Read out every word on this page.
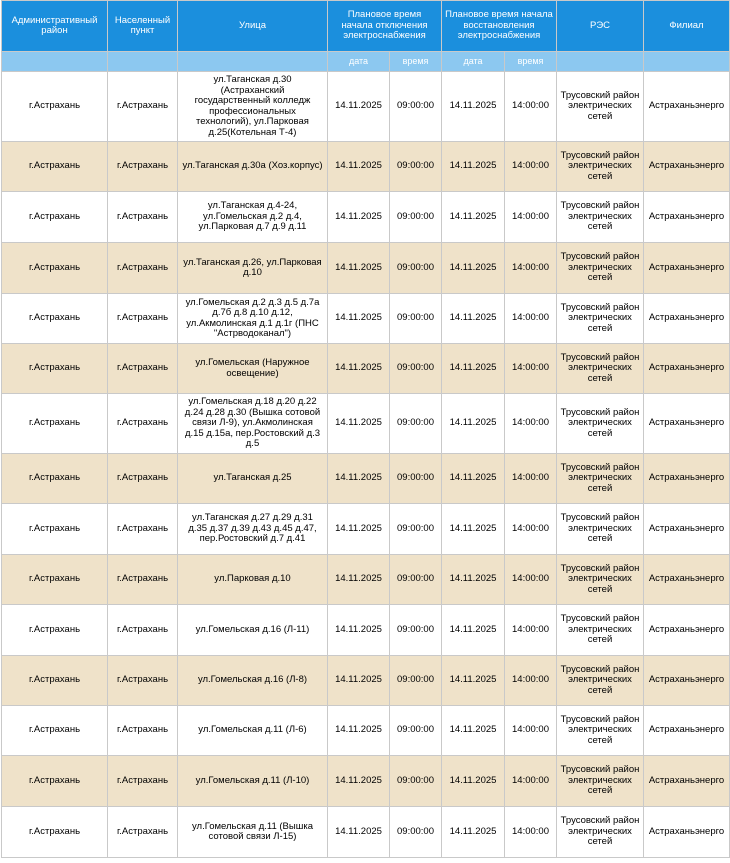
Административный район	Населенный пункт	Улица	Плановое время начала отключения электроснабжения		Плановое время начала восстановления электроснабжения		РЭС	Филиал
			дата	время	дата	время		
г.Астрахань	г.Астрахань	ул.Таганская д.30 (Астраханский государственный колледж профессиональных технологий), ул.Парковая д.25(Котельная Т-4)	14.11.2025	09:00:00	14.11.2025	14:00:00	Трусовский район электрических сетей	Астраханьэнерго
г.Астрахань	г.Астрахань	ул.Таганская д.30а (Хоз.корпус)	14.11.2025	09:00:00	14.11.2025	14:00:00	Трусовский район электрических сетей	Астраханьэнерго
г.Астрахань	г.Астрахань	ул.Таганская д.4-24, ул.Гомельская д.2 д.4, ул.Парковая д.7 д.9 д.11	14.11.2025	09:00:00	14.11.2025	14:00:00	Трусовский район электрических сетей	Астраханьэнерго
г.Астрахань	г.Астрахань	ул.Таганская д.26, ул.Парковая д.10	14.11.2025	09:00:00	14.11.2025	14:00:00	Трусовский район электрических сетей	Астраханьэнерго
г.Астрахань	г.Астрахань	ул.Гомельская д.2 д.3 д.5 д.7а д.7б д.8 д.10 д.12, ул.Акмолинская д.1 д.1г (ПНС "Астрводоканал")	14.11.2025	09:00:00	14.11.2025	14:00:00	Трусовский район электрических сетей	Астраханьэнерго
г.Астрахань	г.Астрахань	ул.Гомельская (Наружное освещение)	14.11.2025	09:00:00	14.11.2025	14:00:00	Трусовский район электрических сетей	Астраханьэнерго
г.Астрахань	г.Астрахань	ул.Гомельская д.18 д.20 д.22 д.24 д.28 д.30 (Вышка сотовой связи Л-9), ул.Акмолинская д.15 д.15а, пер.Ростовский д.3 д.5	14.11.2025	09:00:00	14.11.2025	14:00:00	Трусовский район электрических сетей	Астраханьэнерго
г.Астрахань	г.Астрахань	ул.Таганская д.25	14.11.2025	09:00:00	14.11.2025	14:00:00	Трусовский район электрических сетей	Астраханьэнерго
г.Астрахань	г.Астрахань	ул.Таганская д.27 д.29 д.31 д.35 д.37 д.39 д.43 д.45 д.47, пер.Ростовский д.7 д.41	14.11.2025	09:00:00	14.11.2025	14:00:00	Трусовский район электрических сетей	Астраханьэнерго
г.Астрахань	г.Астрахань	ул.Парковая д.10	14.11.2025	09:00:00	14.11.2025	14:00:00	Трусовский район электрических сетей	Астраханьэнерго
г.Астрахань	г.Астрахань	ул.Гомельская д.16 (Л-11)	14.11.2025	09:00:00	14.11.2025	14:00:00	Трусовский район электрических сетей	Астраханьэнерго
г.Астрахань	г.Астрахань	ул.Гомельская д.16 (Л-8)	14.11.2025	09:00:00	14.11.2025	14:00:00	Трусовский район электрических сетей	Астраханьэнерго
г.Астрахань	г.Астрахань	ул.Гомельская д.11 (Л-6)	14.11.2025	09:00:00	14.11.2025	14:00:00	Трусовский район электрических сетей	Астраханьэнерго
г.Астрахань	г.Астрахань	ул.Гомельская д.11 (Л-10)	14.11.2025	09:00:00	14.11.2025	14:00:00	Трусовский район электрических сетей	Астраханьэнерго
г.Астрахань	г.Астрахань	ул.Гомельская д.11 (Вышка сотовой связи Л-15)	14.11.2025	09:00:00	14.11.2025	14:00:00	Трусовский район электрических сетей	Астраханьэнерго
